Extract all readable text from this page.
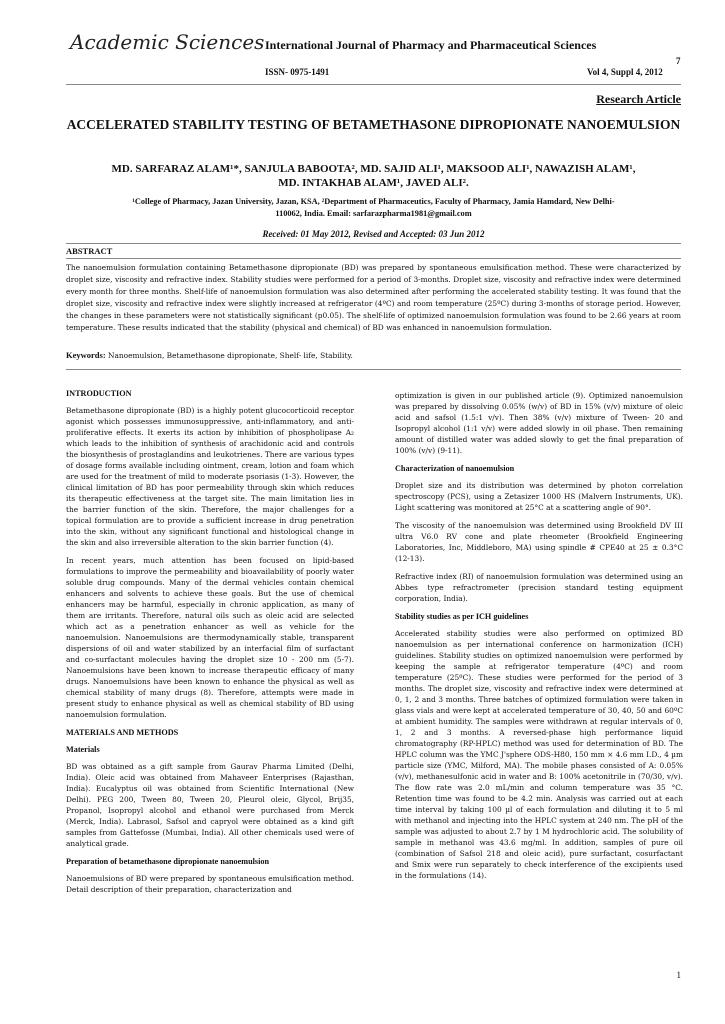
Academic Sciences International Journal of Pharmacy and Pharmaceutical Sciences
7
ISSN- 0975-1491	Vol 4, Suppl 4, 2012
Research Article
ACCELERATED STABILITY TESTING OF BETAMETHASONE DIPROPIONATE NANOEMULSION
MD. SARFARAZ ALAM¹*, SANJULA BABOOTA², MD. SAJID ALI¹, MAKSOOD ALI¹, NAWAZISH ALAM¹,
MD. INTAKHAB ALAM¹, JAVED ALI².
¹College of Pharmacy, Jazan University, Jazan, KSA, ²Department of Pharmaceutics, Faculty of Pharmacy, Jamia Hamdard, New Delhi-
110062, India. Email: sarfarazpharma1981@gmail.com
Received: 01 May 2012, Revised and Accepted: 03 Jun 2012
ABSTRACT
The nanoemulsion formulation containing Betamethasone dipropionate (BD) was prepared by spontaneous emulsification method. These were characterized by droplet size, viscosity and refractive index. Stability studies were performed for a period of 3-months. Droplet size, viscosity and refractive index were determined every month for three months. Shelf-life of nanoemulsion formulation was also determined after performing the accelerated stability testing. It was found that the droplet size, viscosity and refractive index were slightly increased at refrigerator (4ºC) and room temperature (25ºC) during 3-months of storage period. However, the changes in these parameters were not statistically significant (p0.05). The shelf-life of optimized nanoemulsion formulation was found to be 2.66 years at room temperature. These results indicated that the stability (physical and chemical) of BD was enhanced in nanoemulsion formulation.
Keywords: Nanoemulsion, Betamethasone dipropionate, Shelf- life, Stability.
INTRODUCTION

Betamethasone dipropionate (BD) is a highly potent glucocorticoid receptor agonist which possesses immunosuppressive, anti-inflammatory, and anti-proliferative effects. It exerts its action by inhibition of phospholipase A₂ which leads to the inhibition of synthesis of arachidonic acid and controls the biosynthesis of prostaglandins and leukotrienes. There are various types of dosage forms available including ointment, cream, lotion and foam which are used for the treatment of mild to moderate psoriasis (1-3). However, the clinical limitation of BD has poor permeability through skin which reduces its therapeutic effectiveness at the target site. The main limitation lies in the barrier function of the skin. Therefore, the major challenges for a topical formulation are to provide a sufficient increase in drug penetration into the skin, without any significant functional and histological change in the skin and also irreversible alteration to the skin barrier function (4).

In recent years, much attention has been focused on lipid-based formulations to improve the permeability and bioavailability of poorly water soluble drug compounds. Many of the dermal vehicles contain chemical enhancers and solvents to achieve these goals. But the use of chemical enhancers may be harmful, especially in chronic application, as many of them are irritants. Therefore, natural oils such as oleic acid are selected which act as a penetration enhancer as well as vehicle for the nanoemulsion. Nanoemulsions are thermodynamically stable, transparent dispersions of oil and water stabilized by an interfacial film of surfactant and co-surfactant molecules having the droplet size 10 - 200 nm (5-7). Nanoemulsions have been known to increase therapeutic efficacy of many drugs. Nanoemulsions have been known to enhance the physical as well as chemical stability of many drugs (8). Therefore, attempts were made in present study to enhance physical as well as chemical stability of BD using nanoemulsion formulation.

MATERIALS AND METHODS
Materials

BD was obtained as a gift sample from Gaurav Pharma Limited (Delhi, India). Oleic acid was obtained from Mahaveer Enterprises (Rajasthan, India). Eucalyptus oil was obtained from Scientific International (New Delhi). PEG 200, Tween 80, Tween 20, Pleurol oleic, Glycol, Brij35, Propanol, Isopropyl alcohol and ethanol were purchased from Merck (Merck, India). Labrasol, Safsol and capryol were obtained as a kind gift samples from Gattefosse (Mumbai, India). All other chemicals used were of analytical grade.

Preparation of betamethasone dipropionate nanoemulsion

Nanoemulsions of BD were prepared by spontaneous emulsification method. Detail description of their preparation, characterization and

optimization is given in our published article (9). Optimized nanoemulsion was prepared by dissolving 0.05% (w/v) of BD in 15% (v/v) mixture of oleic acid and safsol (1.5:1 v/v). Then 38% (v/v) mixture of Tween- 20 and Isopropyl alcohol (1:1 v/v) were added slowly in oil phase. Then remaining amount of distilled water was added slowly to get the final preparation of 100% (v/v) (9-11).

Characterization of nanoemulsion

Droplet size and its distribution was determined by photon correlation spectroscopy (PCS), using a Zetasizer 1000 HS (Malvern Instruments, UK). Light scattering was monitored at 25°C at a scattering angle of 90°.

The viscosity of the nanoemulsion was determined using Brookfield DV III ultra V6.0 RV cone and plate rheometer (Brookfield Engineering Laboratories, Inc, Middleboro, MA) using spindle # CPE40 at 25 ± 0.3°C (12-13).

Refractive index (RI) of nanoemulsion formulation was determined using an Abbes type refractrometer (precision standard testing equipment corporation, India).

Stability studies as per ICH guidelines

Accelerated stability studies were also performed on optimized BD nanoemulsion as per international conference on harmonization (ICH) guidelines. Stability studies on optimized nanoemulsion were performed by keeping the sample at refrigerator temperature (4ºC) and room temperature (25ºC). These studies were performed for the period of 3 months. The droplet size, viscosity and refractive index were determined at 0, 1, 2 and 3 months. Three batches of optimized formulation were taken in glass vials and were kept at accelerated temperature of 30, 40, 50 and 60ºC at ambient humidity. The samples were withdrawn at regular intervals of 0, 1, 2 and 3 months. A reversed-phase high performance liquid chromatography (RP-HPLC) method was used for determination of BD. The HPLC column was the YMC J'sphere ODS-H80, 150 mm × 4.6 mm I.D., 4 µm particle size (YMC, Milford, MA). The mobile phases consisted of A: 0.05% (v/v), methanesulfonic acid in water and B: 100% acetonitrile in (70/30, v/v). The flow rate was 2.0 mL/min and column temperature was 35 °C. Retention time was found to be 4.2 min. Analysis was carried out at each time interval by taking 100 µl of each formulation and diluting it to 5 ml with methanol and injecting into the HPLC system at 240 nm. The pH of the sample was adjusted to about 2.7 by 1 M hydrochloric acid. The solubility of sample in methanol was 43.6 mg/ml. In addition, samples of pure oil (combination of Safsol 218 and oleic acid), pure surfactant, cosurfactant and Smix were run separately to check interference of the excipients used in the formulations (14).

1
